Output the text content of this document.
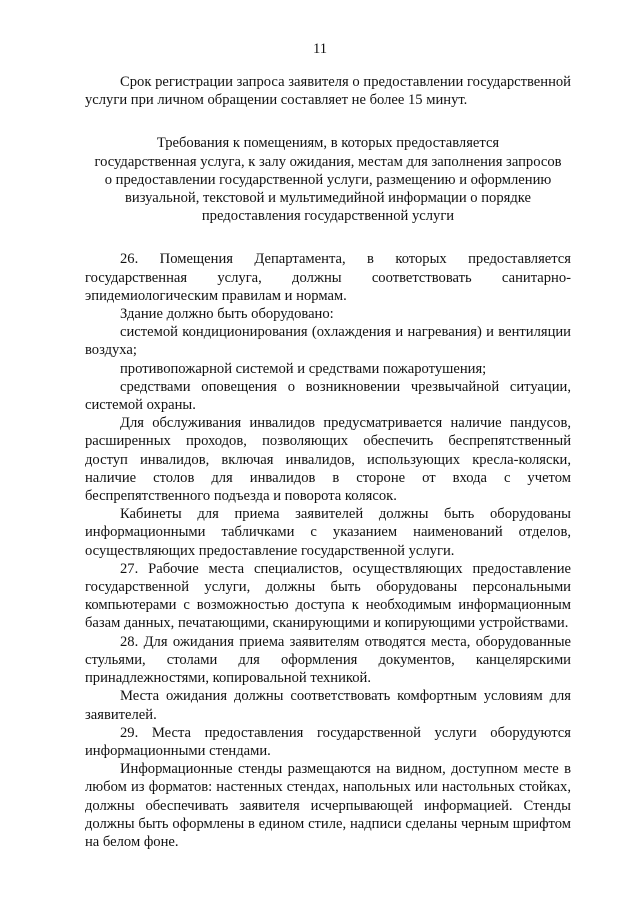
11

Срок регистрации запроса заявителя о предоставлении государственной услуги при личном обращении составляет не более 15 минут.

Требования к помещениям, в которых предоставляется
государственная услуга, к залу ожидания, местам для заполнения запросов
о предоставлении государственной услуги, размещению и оформлению
визуальной, текстовой и мультимедийной информации о порядке
предоставления государственной услуги

26. Помещения Департамента, в которых предоставляется государственная услуга, должны соответствовать санитарно-эпидемиологическим правилам и нормам.

Здание должно быть оборудовано:

системой кондиционирования (охлаждения и нагревания) и вентиляции воздуха;

противопожарной системой и средствами пожаротушения;

средствами оповещения о возникновении чрезвычайной ситуации, системой охраны.

Для обслуживания инвалидов предусматривается наличие пандусов, расширенных проходов, позволяющих обеспечить беспрепятственный доступ инвалидов, включая инвалидов, использующих кресла-коляски, наличие столов для инвалидов в стороне от входа с учетом беспрепятственного подъезда и поворота колясок.

Кабинеты для приема заявителей должны быть оборудованы информационными табличками с указанием наименований отделов, осуществляющих предоставление государственной услуги.

27. Рабочие места специалистов, осуществляющих предоставление государственной услуги, должны быть оборудованы персональными компьютерами с возможностью доступа к необходимым информационным базам данных, печатающими, сканирующими и копирующими устройствами.

28. Для ожидания приема заявителям отводятся места, оборудованные стульями, столами для оформления документов, канцелярскими принадлежностями, копировальной техникой.

Места ожидания должны соответствовать комфортным условиям для заявителей.

29. Места предоставления государственной услуги оборудуются информационными стендами.

Информационные стенды размещаются на видном, доступном месте в любом из форматов: настенных стендах, напольных или настольных стойках, должны обеспечивать заявителя исчерпывающей информацией. Стенды должны быть оформлены в едином стиле, надписи сделаны черным шрифтом на белом фоне.
